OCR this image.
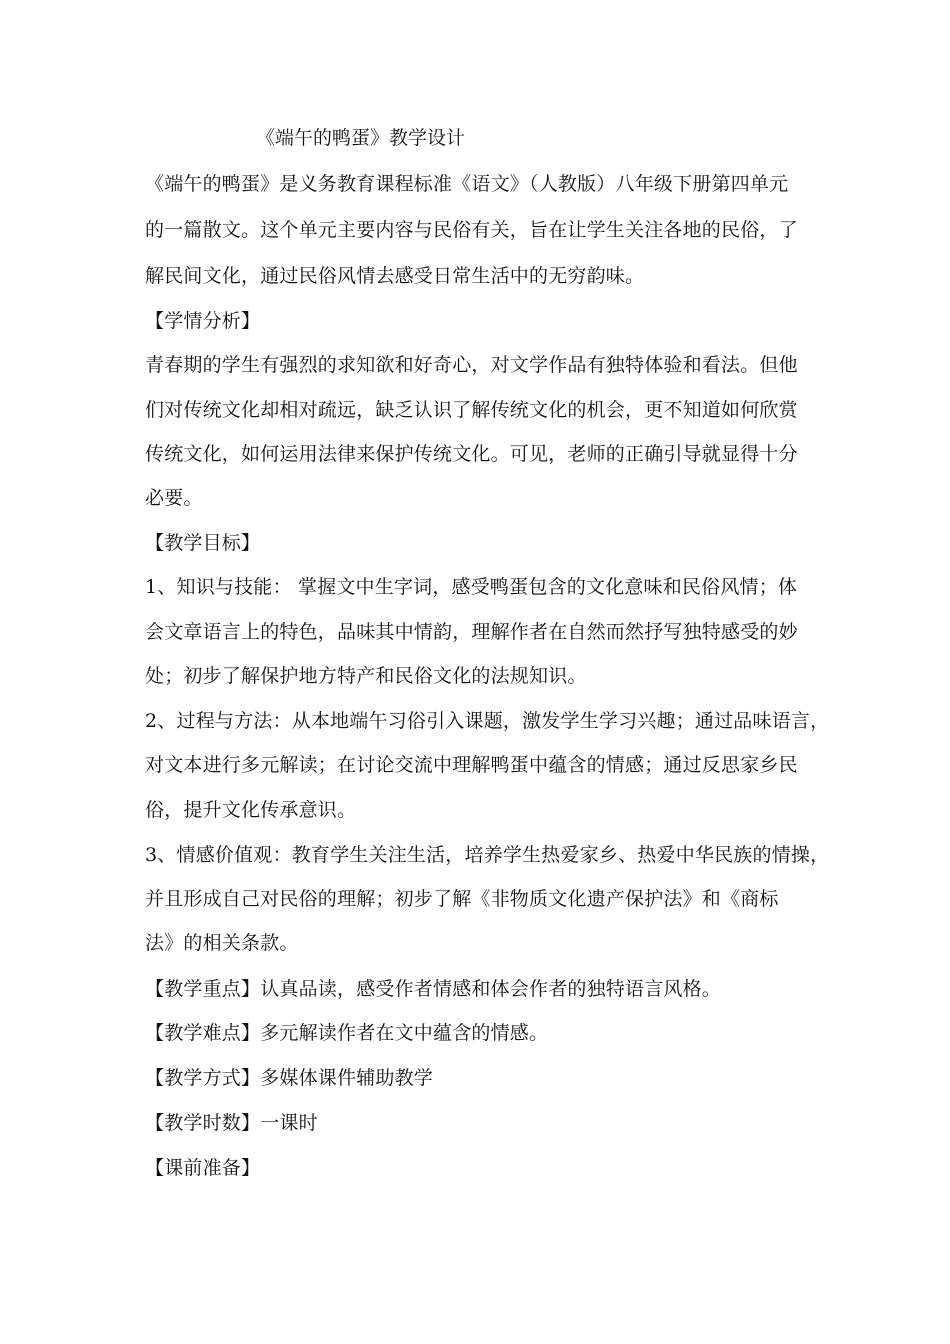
《端午的鸭蛋》教学设计
《端午的鸭蛋》是义务教育课程标准《语文》（人教版）八年级下册第四单元
的一篇散文。这个单元主要内容与民俗有关，旨在让学生关注各地的民俗，了
解民间文化，通过民俗风情去感受日常生活中的无穷韵味。
【学情分析】
青春期的学生有强烈的求知欲和好奇心，对文学作品有独特体验和看法。但他
们对传统文化却相对疏远，缺乏认识了解传统文化的机会，更不知道如何欣赏
传统文化，如何运用法律来保护传统文化。可见，老师的正确引导就显得十分
必要。
【教学目标】
1、知识与技能： 掌握文中生字词，感受鸭蛋包含的文化意味和民俗风情；体
会文章语言上的特色，品味其中情韵，理解作者在自然而然抒写独特感受的妙
处；初步了解保护地方特产和民俗文化的法规知识。
2、过程与方法：从本地端午习俗引入课题，激发学生学习兴趣；通过品味语言，
对文本进行多元解读；在讨论交流中理解鸭蛋中蕴含的情感；通过反思家乡民
俗，提升文化传承意识。
3、情感价值观：教育学生关注生活，培养学生热爱家乡、热爱中华民族的情操，
并且形成自己对民俗的理解；初步了解《非物质文化遗产保护法》和《商标
法》的相关条款。
【教学重点】认真品读，感受作者情感和体会作者的独特语言风格。
【教学难点】多元解读作者在文中蕴含的情感。
【教学方式】多媒体课件辅助教学
【教学时数】一课时
【课前准备】
